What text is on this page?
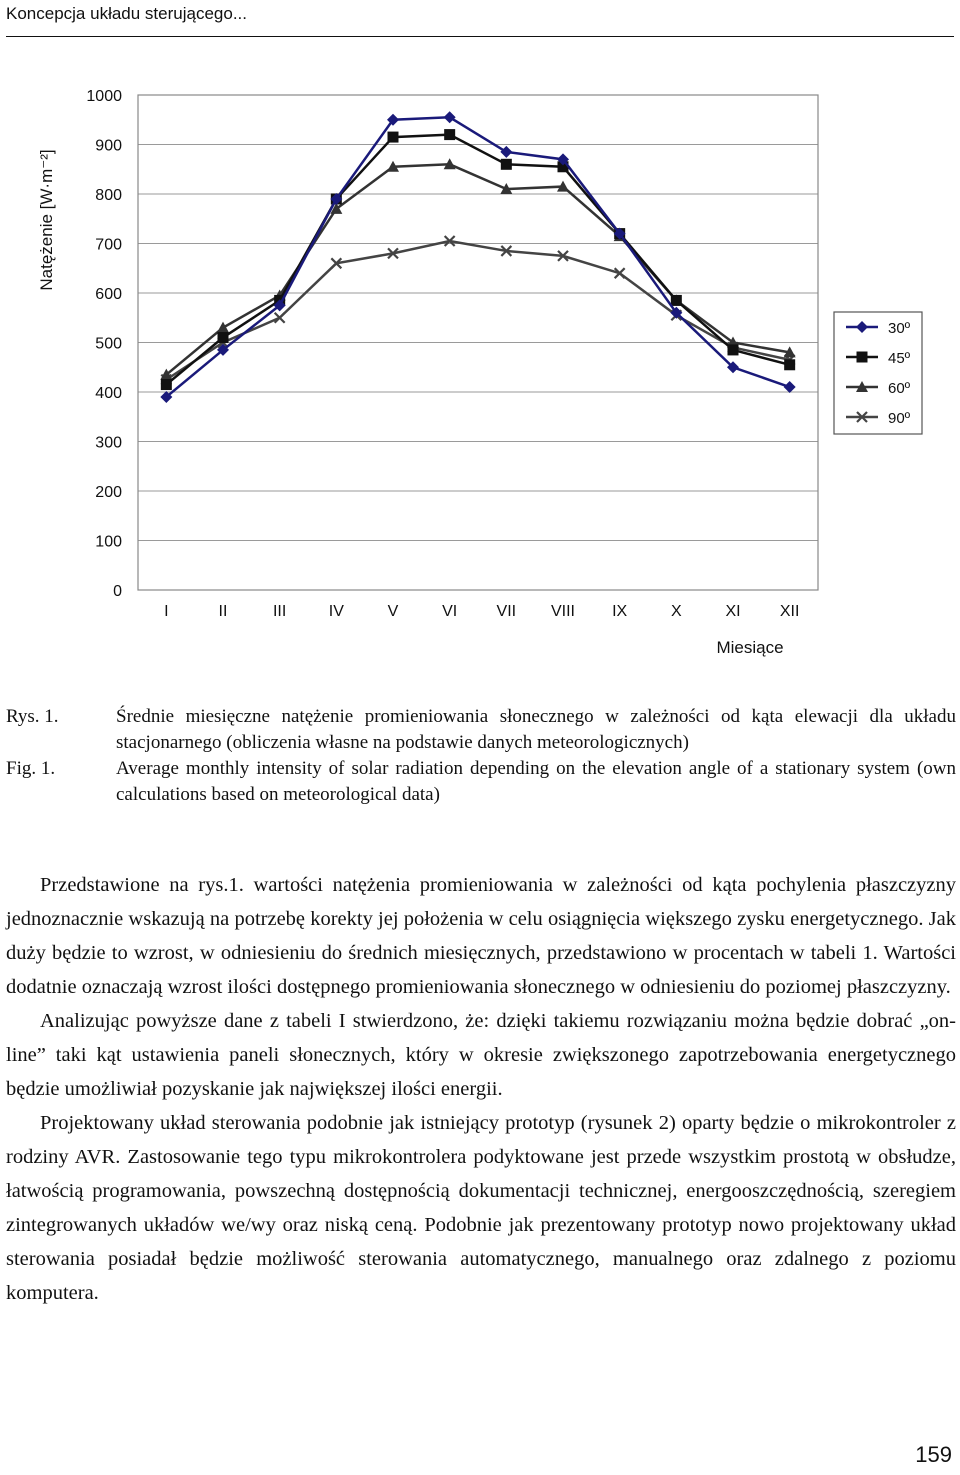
Koncepcja układu sterującego...
0
100
200
300
400
500
600
700
800
900
1000
I	II	III	IV	V	VI VII VIII IX	X	XI XII
Natężenie [W·m⁻²]
Miesiące
30º
45º
60º
90º
Rys. 1.	Średnie miesięczne natężenie promieniowania słonecznego w zależności od kąta elewacji dla układu stacjonarnego (obliczenia własne na podstawie danych meteorologicznych)
Fig. 1.	Average monthly intensity of solar radiation depending on the elevation angle of a stationary system (own calculations based on meteorological data)

Przedstawione na rys.1. wartości natężenia promieniowania w zależności od kąta pochylenia płaszczyzny jednoznacznie wskazują na potrzebę korekty jej położenia w celu osiągnięcia większego zysku energetycznego. Jak duży będzie to wzrost, w odniesieniu do średnich miesięcznych, przedstawiono w procentach w tabeli 1. Wartości dodatnie oznaczają wzrost ilości dostępnego promieniowania słonecznego w odniesieniu do poziomej płaszczyzny.

Analizując powyższe dane z tabeli I stwierdzono, że: dzięki takiemu rozwiązaniu można będzie dobrać „on-line” taki kąt ustawienia paneli słonecznych, który w okresie zwiększonego zapotrzebowania energetycznego będzie umożliwiał pozyskanie jak największej ilości energii.

Projektowany układ sterowania podobnie jak istniejący prototyp (rysunek 2) oparty będzie o mikrokontroler z rodziny AVR. Zastosowanie tego typu mikrokontrolera podyktowane jest przede wszystkim prostotą w obsłudze, łatwością programowania, powszechną dostępnością dokumentacji technicznej, energooszczędnością, szeregiem zintegrowanych układów we/wy oraz niską ceną. Podobnie jak prezentowany prototyp nowo projektowany układ sterowania posiadał będzie możliwość sterowania automatycznego, manualnego oraz zdalnego z poziomu komputera.

159
